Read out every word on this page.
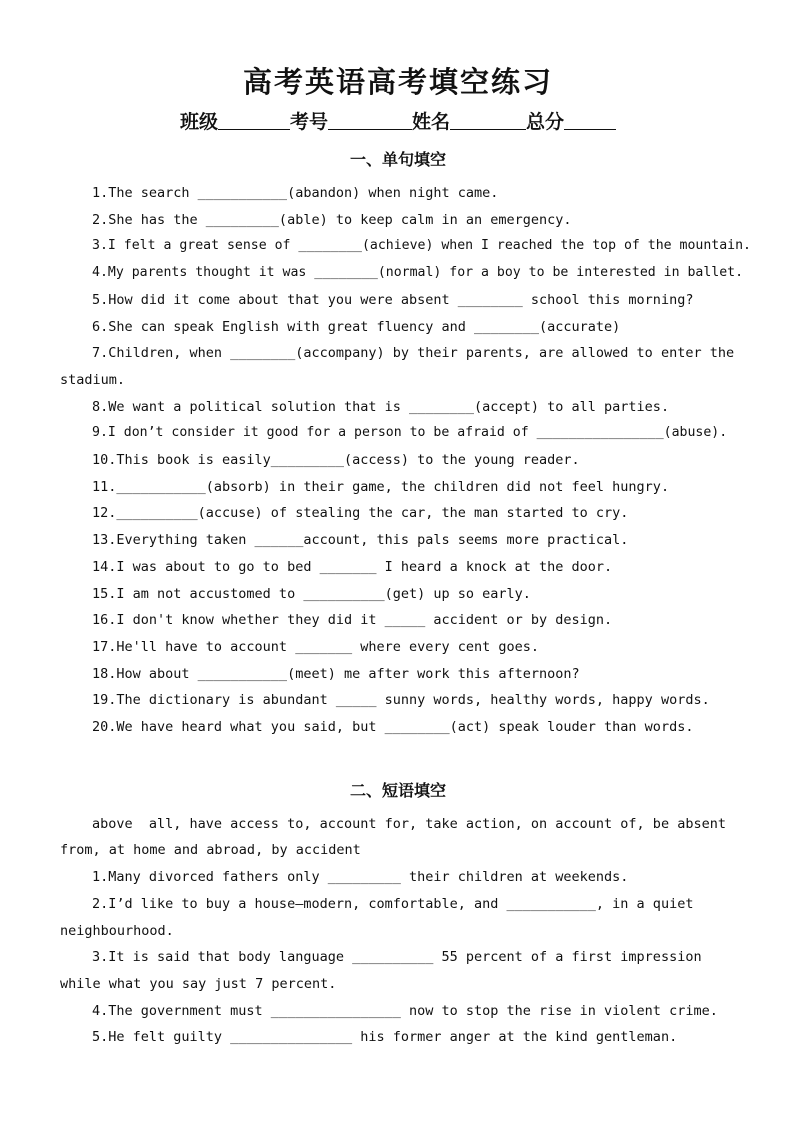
高考英语高考填空练习
班级	考号	姓名	总分
一、单句填空
1.The search ___________(abandon) when night came.
2.She has the _________(able) to keep calm in an emergency.
3.I felt a great sense of ________(achieve) when I reached the top of the mountain.
4.My parents thought it was ________(normal) for a boy to be interested in ballet.
5.How did it come about that you were absent ________ school this morning?
6.She can speak English with great fluency and ________(accurate)
7.Children, when ________(accompany) by their parents, are allowed to enter the stadium.
8.We want a political solution that is ________(accept) to all parties.
9.I don’t consider it good for a person to be afraid of ________________(abuse).
10.This book is easily_________(access) to the young reader.
11.___________(absorb) in their game, the children did not feel hungry.
12.__________(accuse) of stealing the car, the man started to cry.
13.Everything taken ______account, this pals seems more practical.
14.I was about to go to bed _______ I heard a knock at the door.
15.I am not accustomed to __________(get) up so early.
16.I don't know whether they did it _____ accident or by design.
17.He'll have to account _______ where every cent goes.
18.How about ___________(meet) me after work this afternoon?
19.The dictionary is abundant _____ sunny words, healthy words, happy words.
20.We have heard what you said, but ________(act) speak louder than words.
二、短语填空
above  all, have access to, account for, take action, on account of, be absent from, at home and abroad, by accident
1.Many divorced fathers only _________ their children at weekends.
2.I’d like to buy a house—modern, comfortable, and ___________, in a quiet neighbourhood.
3.It is said that body language __________ 55 percent of a first impression while what you say just 7 percent.
4.The government must ________________ now to stop the rise in violent crime.
5.He felt guilty _______________ his former anger at the kind gentleman.
